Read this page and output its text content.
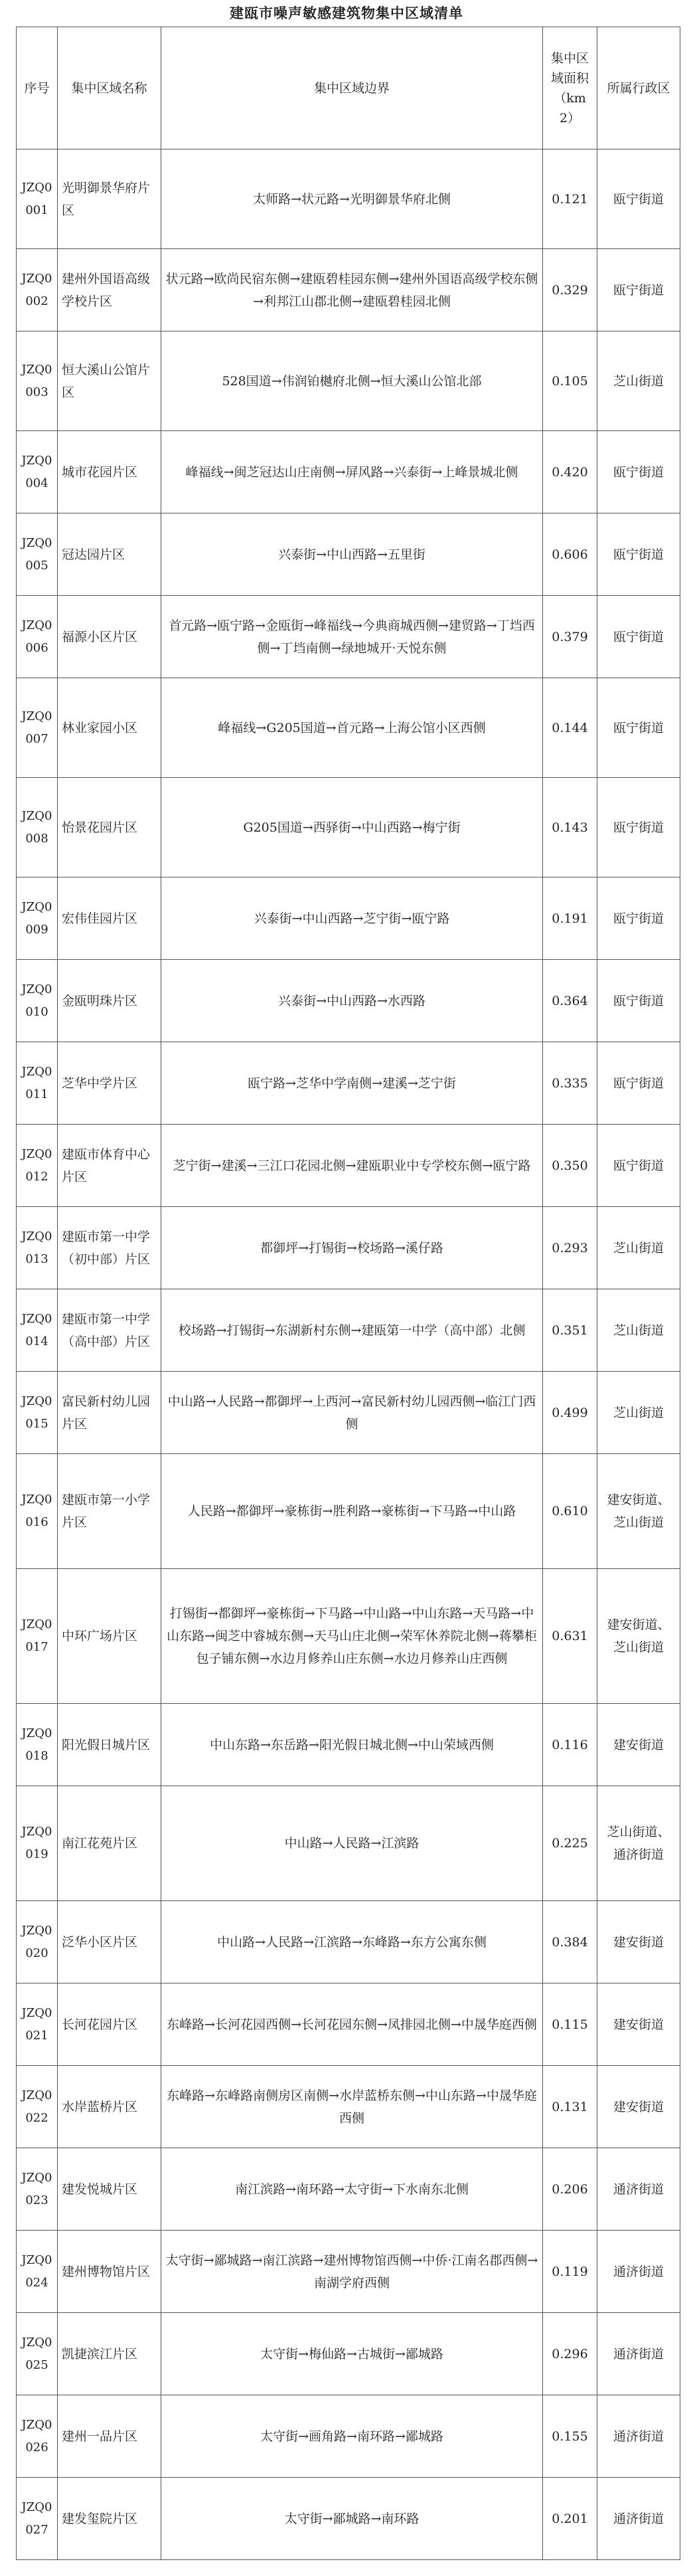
建瓯市噪声敏感建筑物集中区域清单
序号	集中区域名称	集中区域边界	集中区域面积（km2）	所属行政区
JZQ0001	光明御景华府片区	太师路→状元路→光明御景华府北侧	0.121	瓯宁街道
JZQ0002	建州外国语高级学校片区	状元路→欧尚民宿东侧→建瓯碧桂园东侧→建州外国语高级学校东侧→利邦江山郡北侧→建瓯碧桂园北侧	0.329	瓯宁街道
JZQ0003	恒大溪山公馆片区	528国道→伟润铂樾府北侧→恒大溪山公馆北部	0.105	芝山街道
JZQ0004	城市花园片区	峰福线→闽芝冠达山庄南侧→屏风路→兴泰街→上峰景城北侧	0.420	瓯宁街道
JZQ0005	冠达园片区	兴泰街→中山西路→五里街	0.606	瓯宁街道
JZQ0006	福源小区片区	首元路→瓯宁路→金瓯街→峰福线→今典商城西侧→建贸路→丁垱西侧→丁垱南侧→绿地城开·天悦东侧	0.379	瓯宁街道
JZQ0007	林业家园小区	峰福线→G205国道→首元路→上海公馆小区西侧	0.144	瓯宁街道
JZQ0008	怡景花园片区	G205国道→西驿街→中山西路→梅宁街	0.143	瓯宁街道
JZQ0009	宏伟佳园片区	兴泰街→中山西路→芝宁街→瓯宁路	0.191	瓯宁街道
JZQ0010	金瓯明珠片区	兴泰街→中山西路→水西路	0.364	瓯宁街道
JZQ0011	芝华中学片区	瓯宁路→芝华中学南侧→建溪→芝宁街	0.335	瓯宁街道
JZQ0012	建瓯市体育中心片区	芝宁街→建溪→三江口花园北侧→建瓯职业中专学校东侧→瓯宁路	0.350	瓯宁街道
JZQ0013	建瓯市第一中学（初中部）片区	都御坪→打锡街→校场路→溪仔路	0.293	芝山街道
JZQ0014	建瓯市第一中学（高中部）片区	校场路→打锡街→东湖新村东侧→建瓯第一中学（高中部）北侧	0.351	芝山街道
JZQ0015	富民新村幼儿园片区	中山路→人民路→都御坪→上西河→富民新村幼儿园西侧→临江门西侧	0.499	芝山街道
JZQ0016	建瓯市第一小学片区	人民路→都御坪→豪栋街→胜利路→豪栋街→下马路→中山路	0.610	建安街道、芝山街道
JZQ0017	中环广场片区	打锡街→都御坪→豪栋街→下马路→中山路→中山东路→天马路→中山东路→闽芝中睿城东侧→天马山庄北侧→荣军休养院北侧→蒋攀柜包子铺东侧→水边月修养山庄东侧→水边月修养山庄西侧	0.631	建安街道、芝山街道
JZQ0018	阳光假日城片区	中山东路→东岳路→阳光假日城北侧→中山荣域西侧	0.116	建安街道
JZQ0019	南江花苑片区	中山路→人民路→江滨路	0.225	芝山街道、通济街道
JZQ0020	泛华小区片区	中山路→人民路→江滨路→东峰路→东方公寓东侧	0.384	建安街道
JZQ0021	长河花园片区	东峰路→长河花园西侧→长河花园东侧→凤排园北侧→中晟华庭西侧	0.115	建安街道
JZQ0022	水岸蓝桥片区	东峰路→东峰路南侧房区南侧→水岸蓝桥东侧→中山东路→中晟华庭西侧	0.131	建安街道
JZQ0023	建发悦城片区	南江滨路→南环路→太守街→下水南东北侧	0.206	通济街道
JZQ0024	建州博物馆片区	太守街→鄙城路→南江滨路→建州博物馆西侧→中侨·江南名郡西侧→南湖学府西侧	0.119	通济街道
JZQ0025	凯捷滨江片区	太守街→梅仙路→古城街→鄙城路	0.296	通济街道
JZQ0026	建州一品片区	太守街→画角路→南环路→鄙城路	0.155	通济街道
JZQ0027	建发玺院片区	太守街→鄙城路→南环路	0.201	通济街道
